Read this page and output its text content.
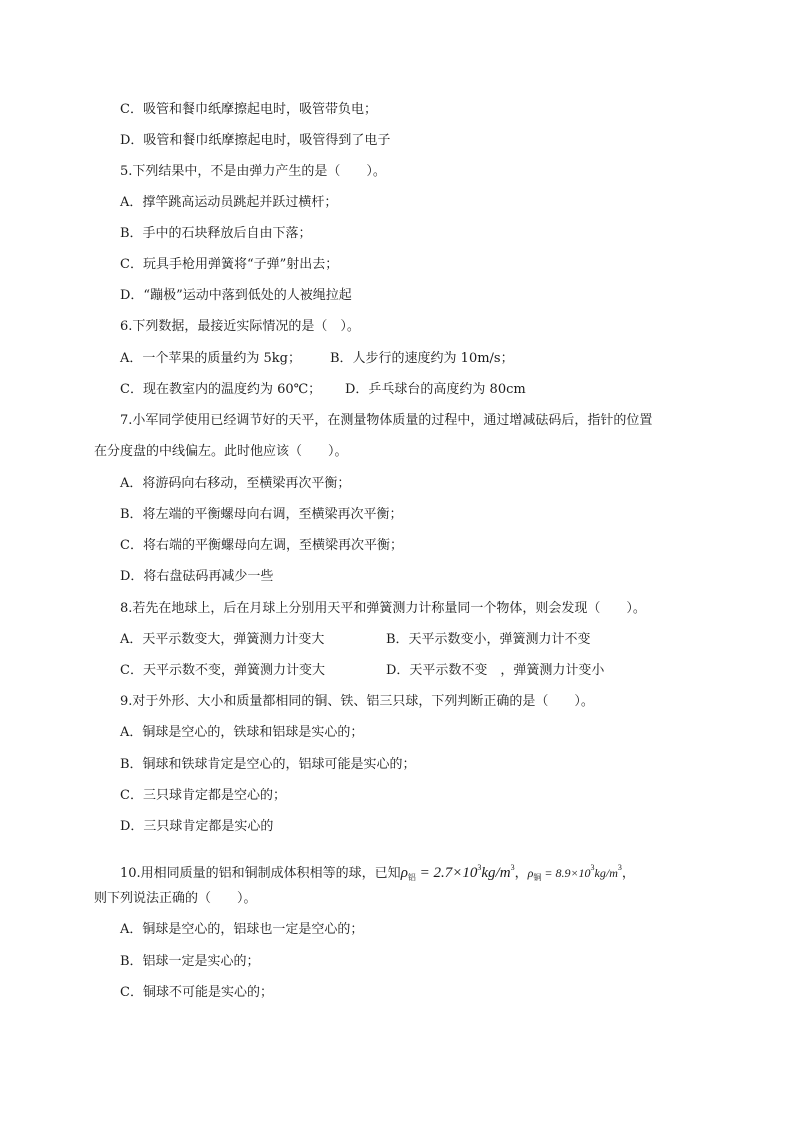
C．吸管和餐巾纸摩擦起电时，吸管带负电；
D．吸管和餐巾纸摩擦起电时，吸管得到了电子
5.下列结果中，不是由弹力产生的是（　　）。
A．撑竿跳高运动员跳起并跃过横杆；
B．手中的石块释放后自由下落；
C．玩具手枪用弹簧将“子弹”射出去；
D．“蹦极”运动中落到低处的人被绳拉起
6.下列数据，最接近实际情况的是（　）。
A．一个苹果的质量约为 5kg； B．人步行的速度约为 10m/s；
C．现在教室内的温度约为 60℃； D．乒乓球台的高度约为 80cm
7.小军同学使用已经调节好的天平，在测量物体质量的过程中，通过增减砝码后，指针的位置
在分度盘的中线偏左。此时他应该（　　）。
A．将游码向右移动，至横梁再次平衡；
B．将左端的平衡螺母向右调，至横梁再次平衡；
C．将右端的平衡螺母向左调，至横梁再次平衡；
D．将右盘砝码再减少一些
8.若先在地球上，后在月球上分别用天平和弹簧测力计称量同一个物体，则会发现（　　）。
A．天平示数变大，弹簧测力计变大	B．天平示数变小，弹簧测力计不变
C．天平示数不变，弹簧测力计变大	D．天平示数不变　，弹簧测力计变小
9.对于外形、大小和质量都相同的铜、铁、铝三只球，下列判断正确的是（　　）。
A．铜球是空心的，铁球和铝球是实心的；
B．铜球和铁球肯定是空心的，铝球可能是实心的；
C．三只球肯定都是空心的；
D．三只球肯定都是实心的
10.用相同质量的铝和铜制成体积相等的球，已知$\rho_铝 = 2.7\times 10^3kg/m^3$，$\rho_铜 = 8.9\times 10^3kg/m^3$，
则下列说法正确的（　　）。
A．铜球是空心的，铝球也一定是空心的；
B．铝球一定是实心的；
C．铜球不可能是实心的；
